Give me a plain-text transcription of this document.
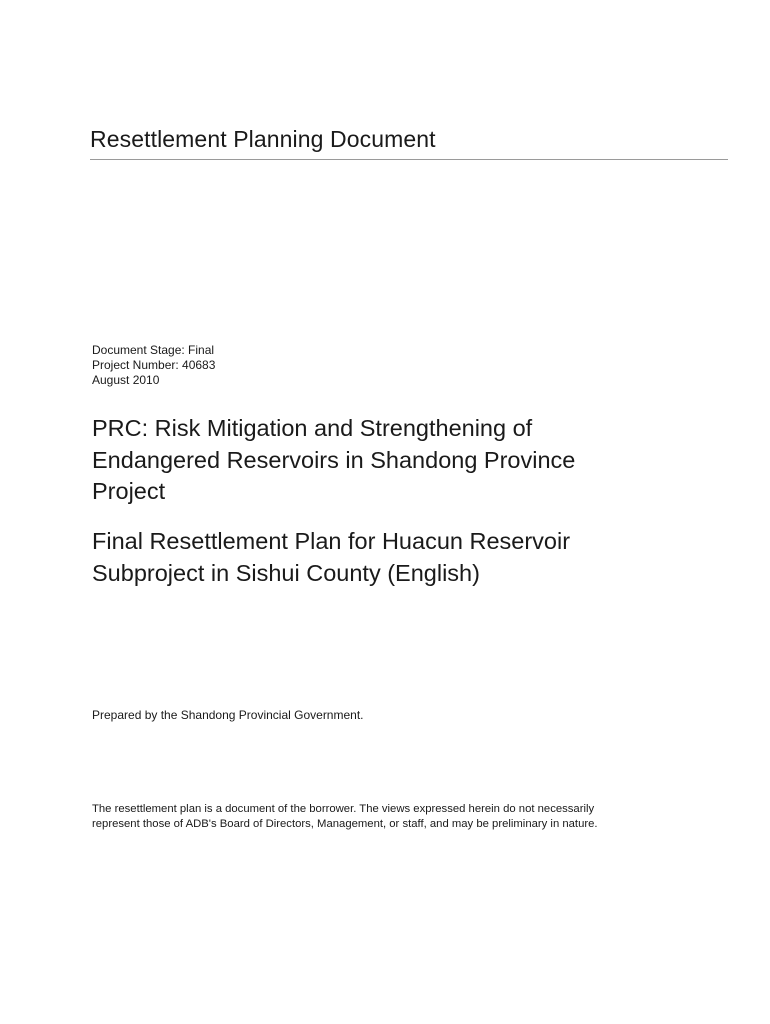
Resettlement Planning Document
Document Stage: Final
Project Number: 40683
August 2010
PRC: Risk Mitigation and Strengthening of
Endangered Reservoirs in Shandong Province
Project
Final Resettlement Plan for Huacun Reservoir
Subproject in Sishui County (English)
Prepared by the Shandong Provincial Government.
The resettlement plan is a document of the borrower. The views expressed herein do not necessarily
represent those of ADB's Board of Directors, Management, or staff, and may be preliminary in nature.
